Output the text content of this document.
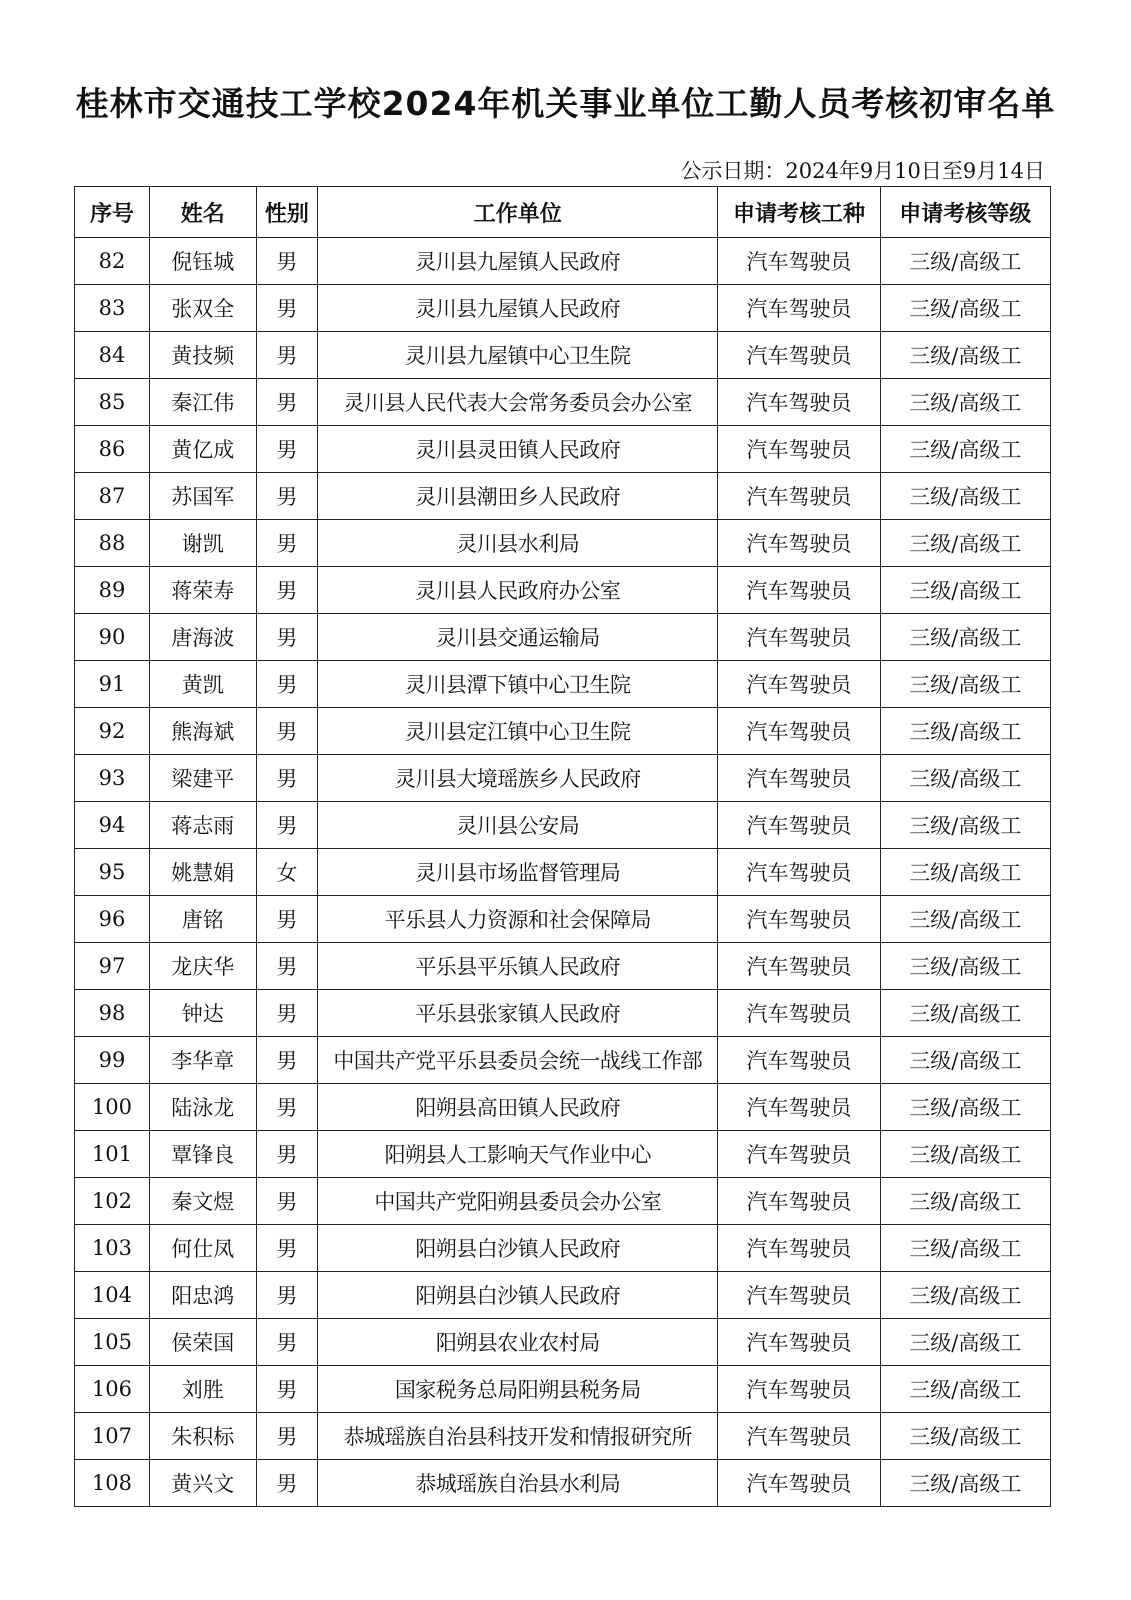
桂林市交通技工学校2024年机关事业单位工勤人员考核初审名单
公示日期：2024年9月10日至9月14日
序号	姓名	性别	工作单位	申请考核工种	申请考核等级
82	倪钰城	男	灵川县九屋镇人民政府	汽车驾驶员	三级/高级工
83	张双全	男	灵川县九屋镇人民政府	汽车驾驶员	三级/高级工
84	黄技频	男	灵川县九屋镇中心卫生院	汽车驾驶员	三级/高级工
85	秦江伟	男	灵川县人民代表大会常务委员会办公室	汽车驾驶员	三级/高级工
86	黄亿成	男	灵川县灵田镇人民政府	汽车驾驶员	三级/高级工
87	苏国军	男	灵川县潮田乡人民政府	汽车驾驶员	三级/高级工
88	谢凯	男	灵川县水利局	汽车驾驶员	三级/高级工
89	蒋荣寿	男	灵川县人民政府办公室	汽车驾驶员	三级/高级工
90	唐海波	男	灵川县交通运输局	汽车驾驶员	三级/高级工
91	黄凯	男	灵川县潭下镇中心卫生院	汽车驾驶员	三级/高级工
92	熊海斌	男	灵川县定江镇中心卫生院	汽车驾驶员	三级/高级工
93	梁建平	男	灵川县大境瑶族乡人民政府	汽车驾驶员	三级/高级工
94	蒋志雨	男	灵川县公安局	汽车驾驶员	三级/高级工
95	姚慧娟	女	灵川县市场监督管理局	汽车驾驶员	三级/高级工
96	唐铭	男	平乐县人力资源和社会保障局	汽车驾驶员	三级/高级工
97	龙庆华	男	平乐县平乐镇人民政府	汽车驾驶员	三级/高级工
98	钟达	男	平乐县张家镇人民政府	汽车驾驶员	三级/高级工
99	李华章	男	中国共产党平乐县委员会统一战线工作部	汽车驾驶员	三级/高级工
100	陆泳龙	男	阳朔县高田镇人民政府	汽车驾驶员	三级/高级工
101	覃锋良	男	阳朔县人工影响天气作业中心	汽车驾驶员	三级/高级工
102	秦文煜	男	中国共产党阳朔县委员会办公室	汽车驾驶员	三级/高级工
103	何仕凤	男	阳朔县白沙镇人民政府	汽车驾驶员	三级/高级工
104	阳忠鸿	男	阳朔县白沙镇人民政府	汽车驾驶员	三级/高级工
105	侯荣国	男	阳朔县农业农村局	汽车驾驶员	三级/高级工
106	刘胜	男	国家税务总局阳朔县税务局	汽车驾驶员	三级/高级工
107	朱积标	男	恭城瑶族自治县科技开发和情报研究所	汽车驾驶员	三级/高级工
108	黄兴文	男	恭城瑶族自治县水利局	汽车驾驶员	三级/高级工
